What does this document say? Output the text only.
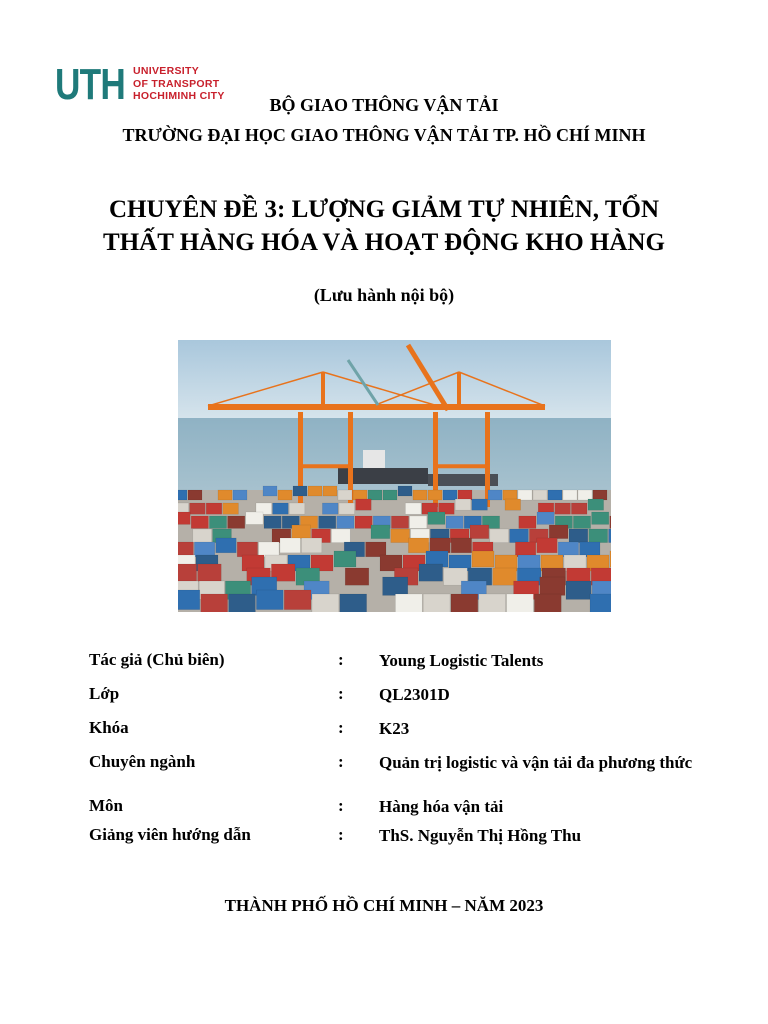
UTH UNIVERSITY
OF TRANSPORT
HOCHIMINH CITY	BỘ GIAO THÔNG VẬN TẢI
TRƯỜNG ĐẠI HỌC GIAO THÔNG VẬN TẢI TP. HỒ CHÍ MINH
CHUYÊN ĐỀ 3: LƯỢNG GIẢM TỰ NHIÊN, TỔN
THẤT HÀNG HÓA VÀ HOẠT ĐỘNG KHO HÀNG
(Lưu hành nội bộ)
Tác giả (Chủ biên)	: Young Logistic Talents
Lớp	: QL2301D
Khóa	: K23
Chuyên ngành	: Quản trị logistic và vận tải đa phương thức
Môn	: Hàng hóa vận tải
Giảng viên hướng dẫn	: ThS. Nguyễn Thị Hồng Thu
THÀNH PHỐ HỒ CHÍ MINH – NĂM 2023
